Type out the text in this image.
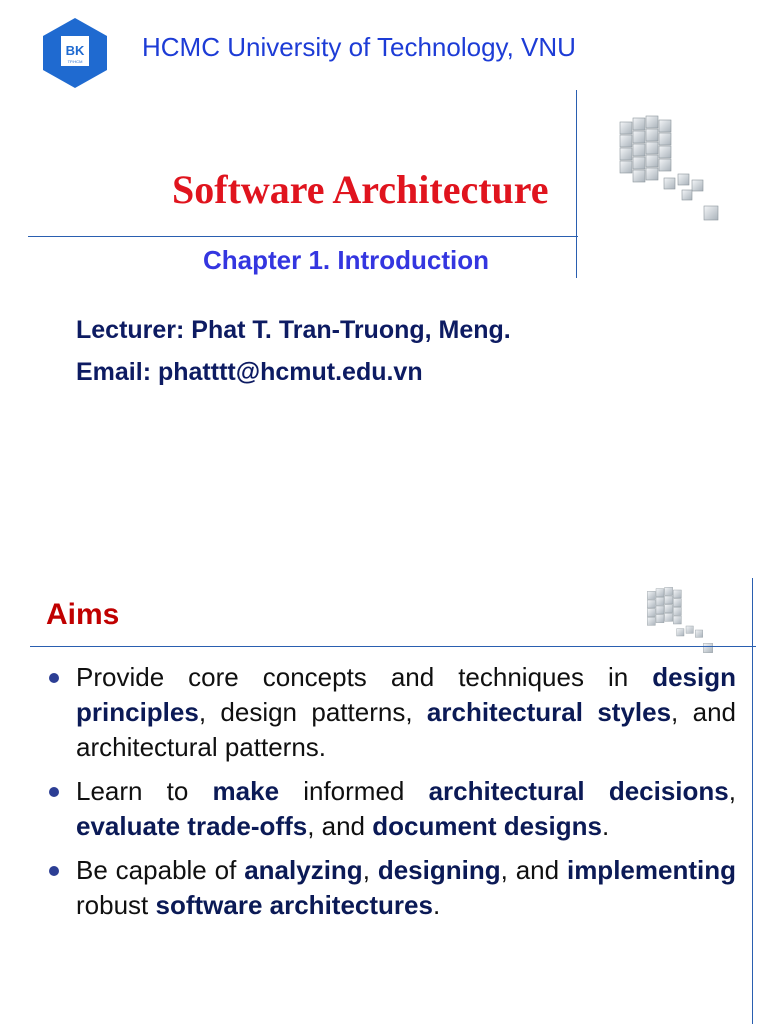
BK
TP.HCM HCMC University of Technology, VNU
Software Architecture
Chapter 1. Introduction
Lecturer: Phat T. Tran-Truong, Meng.
Email: phatttt@hcmut.edu.vn
Aims
Provide core concepts and techniques in design principles, design patterns, architectural styles, and architectural patterns.
Learn to make informed architectural decisions, evaluate trade-offs, and document designs.
Be capable of analyzing, designing, and implementing robust software architectures.
